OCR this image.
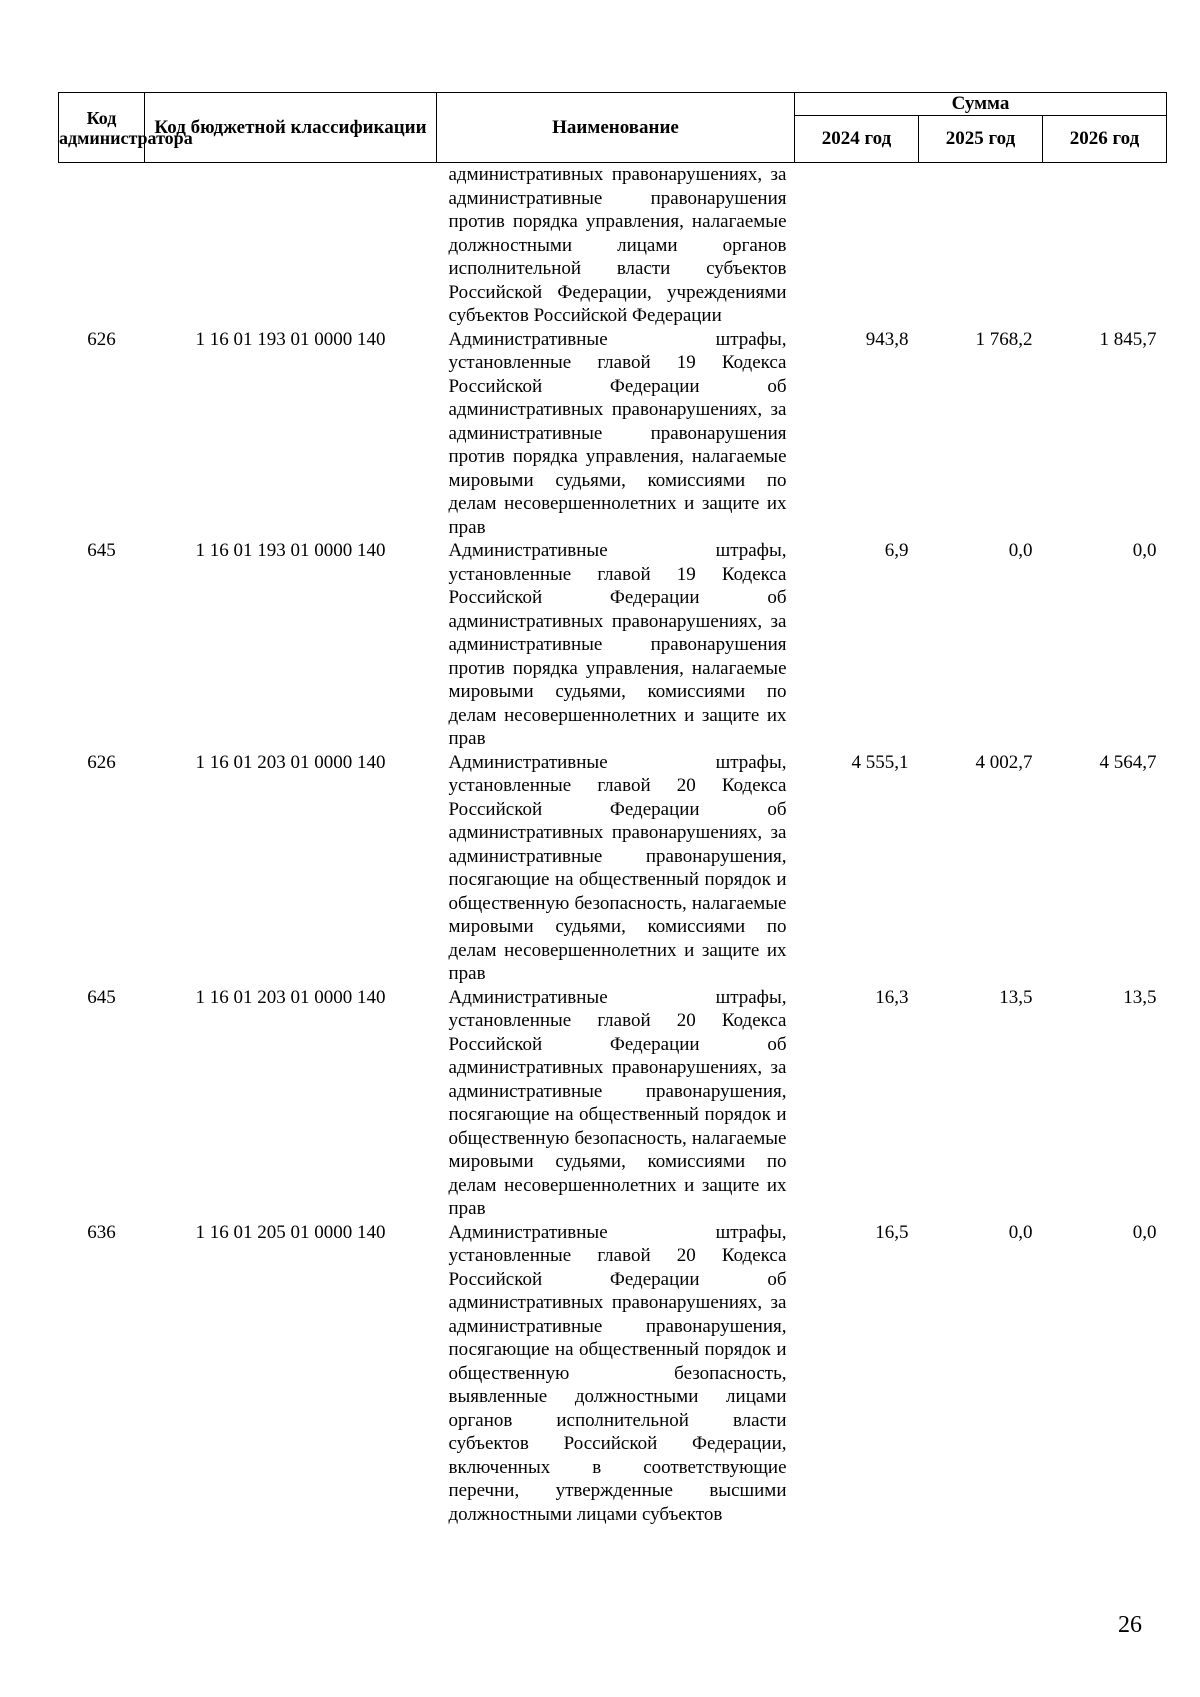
Код администратора	Код бюджетной классификации	Наименование	Сумма		
			2024 год	2025 год	2026 год
		административных правонарушениях, за административные правонарушения против порядка управления, налагаемые должностными лицами органов исполнительной власти субъектов Российской Федерации, учреждениями субъектов Российской Федерации			
626	1 16 01 193 01 0000 140	Административные штрафы, установленные главой 19 Кодекса Российской Федерации об административных правонарушениях, за административные правонарушения против порядка управления, налагаемые мировыми судьями, комиссиями по делам несовершеннолетних и защите их прав	943,8	1 768,2	1 845,7
645	1 16 01 193 01 0000 140	Административные штрафы, установленные главой 19 Кодекса Российской Федерации об административных правонарушениях, за административные правонарушения против порядка управления, налагаемые мировыми судьями, комиссиями по делам несовершеннолетних и защите их прав	6,9	0,0	0,0
626	1 16 01 203 01 0000 140	Административные штрафы, установленные главой 20 Кодекса Российской Федерации об административных правонарушениях, за административные правонарушения, посягающие на общественный порядок и общественную безопасность, налагаемые мировыми судьями, комиссиями по делам несовершеннолетних и защите их прав	4 555,1	4 002,7	4 564,7
645	1 16 01 203 01 0000 140	Административные штрафы, установленные главой 20 Кодекса Российской Федерации об административных правонарушениях, за административные правонарушения, посягающие на общественный порядок и общественную безопасность, налагаемые мировыми судьями, комиссиями по делам несовершеннолетних и защите их прав	16,3	13,5	13,5
636	1 16 01 205 01 0000 140	Административные штрафы, установленные главой 20 Кодекса Российской Федерации об административных правонарушениях, за административные правонарушения, посягающие на общественный порядок и общественную безопасность, выявленные должностными лицами органов исполнительной власти субъектов Российской Федерации, включенных в соответствующие перечни, утвержденные высшими должностными лицами субъектов	16,5	0,0	0,0
26
